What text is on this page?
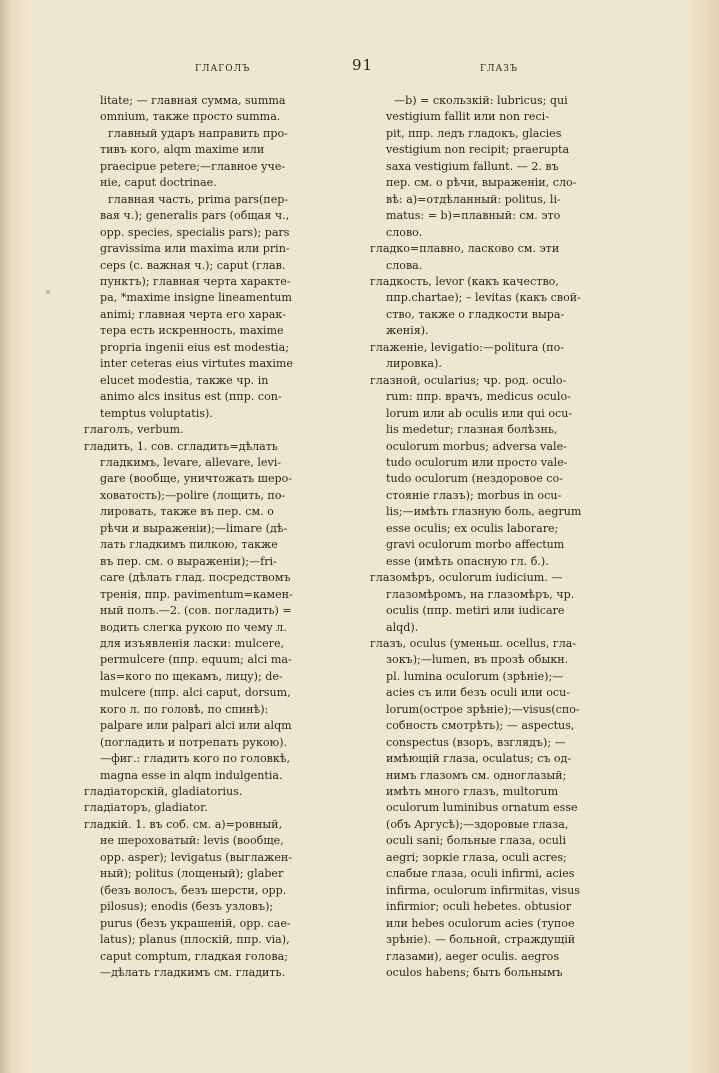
глаголъ	91	глазъ
litate; — главная сумма, summa
omnium, также просто summa.
главный ударъ направить про-
тивъ кого, alqm maxime или
praecipue petere;—главное уче-
ніе, caput doctrinae.
главная часть, prima pars(пер-
вая ч.); generalis pars (общая ч.,
opp. species, specialis pars); pars
gravissima или maxima или prin-
ceps (с. важная ч.); caput (глав.
пунктъ); главная черта характе-
ра, *maxime insigne lineamentum
animi; главная черта его харак-
тера есть искренность, maxime
propria ingenii eius est modestia;
inter ceteras eius virtutes maxime
elucet modestia, также чр. in
animo alcs insitus est (ппр. con-
temptus voluptatis).
глаголъ, verbum.
гладить, 1. сов. сгладить=дѣлать
гладкимъ, levare, allevare, levi-
gare (вообще, уничтожать шеро-
ховатость);—polire (лощить, по-
лировать, также въ пер. см. о
рѣчи и выраженіи);—limare (дѣ-
лать гладкимъ пилкою, также
въ пер. см. о выраженіи);—fri-
care (дѣлать глад. посредствомъ
тренія, ппр. pavimentum=камен-
ный полъ.—2. (сов. погладить) =
водить слегка рукою по чему л.
для изъявленія ласки: mulcere,
permulcere (ппр. equum; alci ma-
las=кого по щекамъ, лицу); de-
mulcere (ппр. alci caput, dorsum,
кого л. по головѣ, по спинѣ):
palpare или palpari alci или alqm
(погладить и потрепать рукою).
—фиг.: гладить кого по головкѣ,
magna esse in alqm indulgentia.
гладіаторскій, gladiatorius.
гладіаторъ, gladiator.
гладкій. 1. въ соб. см. а)=ровный,
не шероховатый: levis (вообще,
opp. asper); levigatus (выглажен-
ный); politus (лощеный); glaber
(безъ волосъ, безъ шерсти, opp.
pilosus); enodis (безъ узловъ);
purus (безъ украшеній, opp. cae-
latus); planus (плоскій, ппр. via),
caput comptum, гладкая голова;
—дѣлать гладкимъ см. гладить.
—b) = скользкій: lubricus; qui
vestigium fallit или non reci-
pit, ппр. ледъ гладокъ, glacies
vestigium non recipit; praerupta
saxa vestigium fallunt. — 2. въ
пер. см. о рѣчи, выраженіи, сло-
вѣ: а)=отдѣланный: politus, li-
matus: = b)=плавный: см. это
слово.
гладко=плавно, ласково см. эти
слова.
гладкость, levor (какъ качество,
ппр.chartae); – levitas (какъ свой-
ство, также о гладкости выра-
женія).
глаженіе, levigatio:—politura (по-
лировка).
глазной, ocularius; чр. род. oculo-
rum: ппр. врачъ, medicus oculo-
lorum или ab oculis или qui ocu-
lis medetur; глазная болѣзнь,
oculorum morbus; adversa vale-
tudo oculorum или просто vale-
tudo oculorum (нездоровое со-
стояніе глазъ); morbus in ocu-
lis;—имѣть глазную боль, aegrum
esse oculis; ex oculis laborare;
gravi oculorum morbo affectum
esse (имѣть опасную гл. б.).
глазомѣръ, oculorum iudicium. —
глазомѣромъ, на глазомѣръ, чр.
oculis (ппр. metiri или iudicare
alqd).
глазъ, oculus (уменьш. ocellus, гла-
зокъ);—lumen, въ прозѣ обыкн.
pl. lumina oculorum (зрѣніе);—
acies съ или безъ oculi или ocu-
lorum(острое зрѣніе);—visus(спо-
собность смотрѣть); — aspectus,
conspectus (взоръ, взглядъ); —
имѣющій глаза, oculatus; съ од-
нимъ глазомъ см. одноглазый;
имѣть много глазъ, multorum
oculorum luminibus ornatum esse
(объ Аргусѣ);—здоровые глаза,
oculi sani; больные глаза, oculi
aegri; зоркіе глаза, oculi acres;
слабые глаза, oculi infirmi, acies
infirma, oculorum infirmitas, visus
infirmior; oculi hebetes. obtusior
или hebes oculorum acies (тупое
зрѣніе). — больной, страждущій
глазами), aeger oculis. aegros
oculos habens; быть больнымъ
